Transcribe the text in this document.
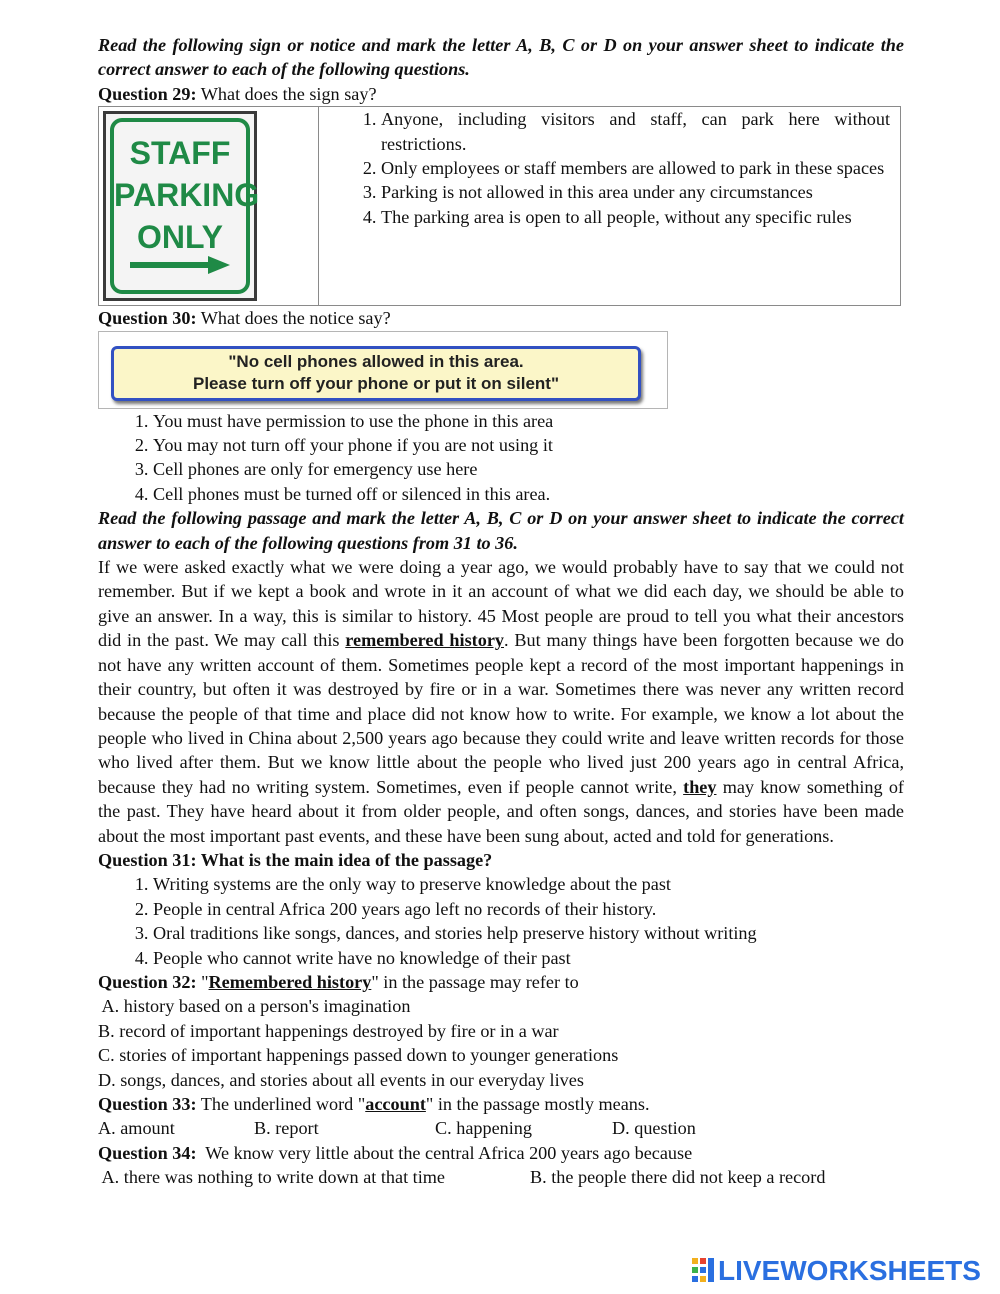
Read the following sign or notice and mark the letter A, B, C or D on your answer sheet to indicate the correct answer to each of the following questions.

Question 29: What does the sign say?

STAFF
PARKING
ONLY
1. Anyone, including visitors and staff, can park here without restrictions.
2. Only employees or staff members are allowed to park in these spaces
3. Parking is not allowed in this area under any circumstances
4. The parking area is open to all people, without any specific rules

Question 30: What does the notice say?

"No cell phones allowed in this area.
Please turn off your phone or put it on silent"
1. You must have permission to use the phone in this area
2. You may not turn off your phone if you are not using it
3. Cell phones are only for emergency use here
4. Cell phones must be turned off or silenced in this area.
Read the following passage and mark the letter A, B, C or D on your answer sheet to indicate the correct answer to each of the following questions from 31 to 36.

If we were asked exactly what we were doing a year ago, we would probably have to say that we could not remember. But if we kept a book and wrote in it an account of what we did each day, we should be able to give an answer. In a way, this is similar to history. 45 Most people are proud to tell you what their ancestors did in the past. We may call this remembered history. But many things have been forgotten because we do not have any written account of them. Sometimes people kept a record of the most important happenings in their country, but often it was destroyed by fire or in a war. Sometimes there was never any written record because the people of that time and place did not know how to write. For example, we know a lot about the people who lived in China about 2,500 years ago because they could write and leave written records for those who lived after them. But we know little about the people who lived just 200 years ago in central Africa, because they had no writing system. Sometimes, even if people cannot write, they may know something of the past. They have heard about it from older people, and often songs, dances, and stories have been made about the most important past events, and these have been sung about, acted and told for generations.

Question 31: What is the main idea of the passage?

1. Writing systems are the only way to preserve knowledge about the past
2. People in central Africa 200 years ago left no records of their history.
3. Oral traditions like songs, dances, and stories help preserve history without writing
4. People who cannot write have no knowledge of their past

Question 32: "Remembered history" in the passage may refer to

A. history based on a person's imagination
B. record of important happenings destroyed by fire or in a war
C. stories of important happenings passed down to younger generations
D. songs, dances, and stories about all events in our everyday lives

Question 33: The underlined word "account" in the passage mostly means.

A. amount	B. report	C. happening	D. question

Question 34:  We know very little about the central Africa 200 years ago because

A. there was nothing to write down at that time	B. the people there did not keep a record
LIVEWORKSHEETS
